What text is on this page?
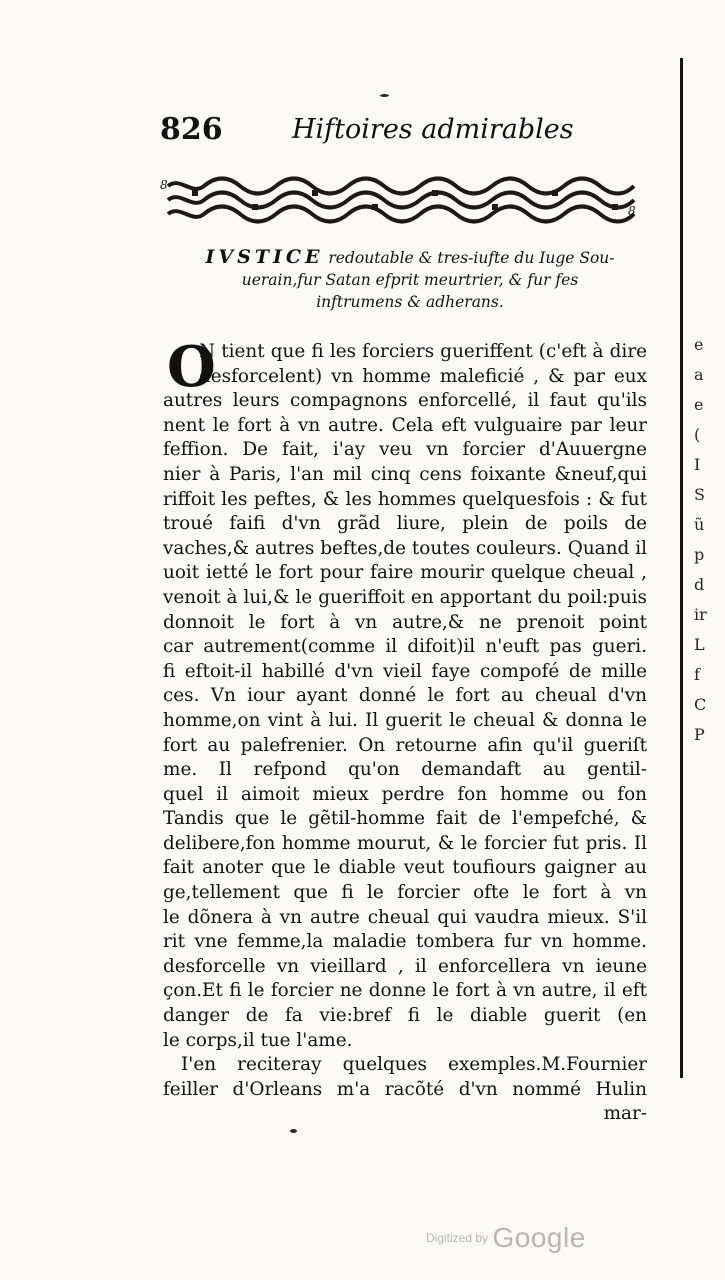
e
a
e
(
I
S
ũ
p
d
ir
L
f
C
P
826	Hiftoires admirables
8
8
IVSTICE redoutable & tres-iufte du Iuge Sou-
uerain,fur Satan efprit meurtrier, & fur fes
inftrumens & adherans.
O
N tient que fi les forciers gueriffent (c'eft à dire
desforcelent) vn homme maleficié , & par eux
autres leurs compagnons enforcellé, il faut qu'ils
nent le fort à vn autre. Cela eft vulguaire par leur
feffion. De fait, i'ay veu vn forcier d'Auuergne
nier à Paris, l'an mil cinq cens foixante &neuf,qui
riffoit les peftes, & les hommes quelquesfois : & fut
troué faifi d'vn grãd liure, plein de poils de
vaches,& autres beftes,de toutes couleurs. Quand il
uoit ietté le fort pour faire mourir quelque cheual ,
venoit à lui,& le gueriffoit en apportant du poil:puis
donnoit le fort à vn autre,& ne prenoit point
car autrement(comme il difoit)il n'euft pas gueri.
fi eftoit-il habillé d'vn vieil faye compofé de mille
ces. Vn iour ayant donné le fort au cheual d'vn
homme,on vint à lui. Il guerit le cheual & donna le
fort au palefrenier. On retourne afin qu'il gueriſt
me. Il refpond qu'on demandaft au gentil-
quel il aimoit mieux perdre fon homme ou fon
Tandis que le gẽtil-homme fait de l'empefché, &
delibere,fon homme mourut, & le forcier fut pris. Il
fait anoter que le diable veut toufiours gaigner au
ge,tellement que fi le forcier ofte le fort à vn
le dõnera à vn autre cheual qui vaudra mieux. S'il
rit vne femme,la maladie tombera fur vn homme.
desforcelle vn vieillard , il enforcellera vn ieune
çon.Et fi le forcier ne donne le fort à vn autre, il eft
danger de fa vie:bref fi le diable guerit (en
le corps,il tue l'ame.
I'en reciteray quelques exemples.M.Fournier
feiller d'Orleans m'a racõté d'vn nommé Hulin
mar-
Digitized by Google
